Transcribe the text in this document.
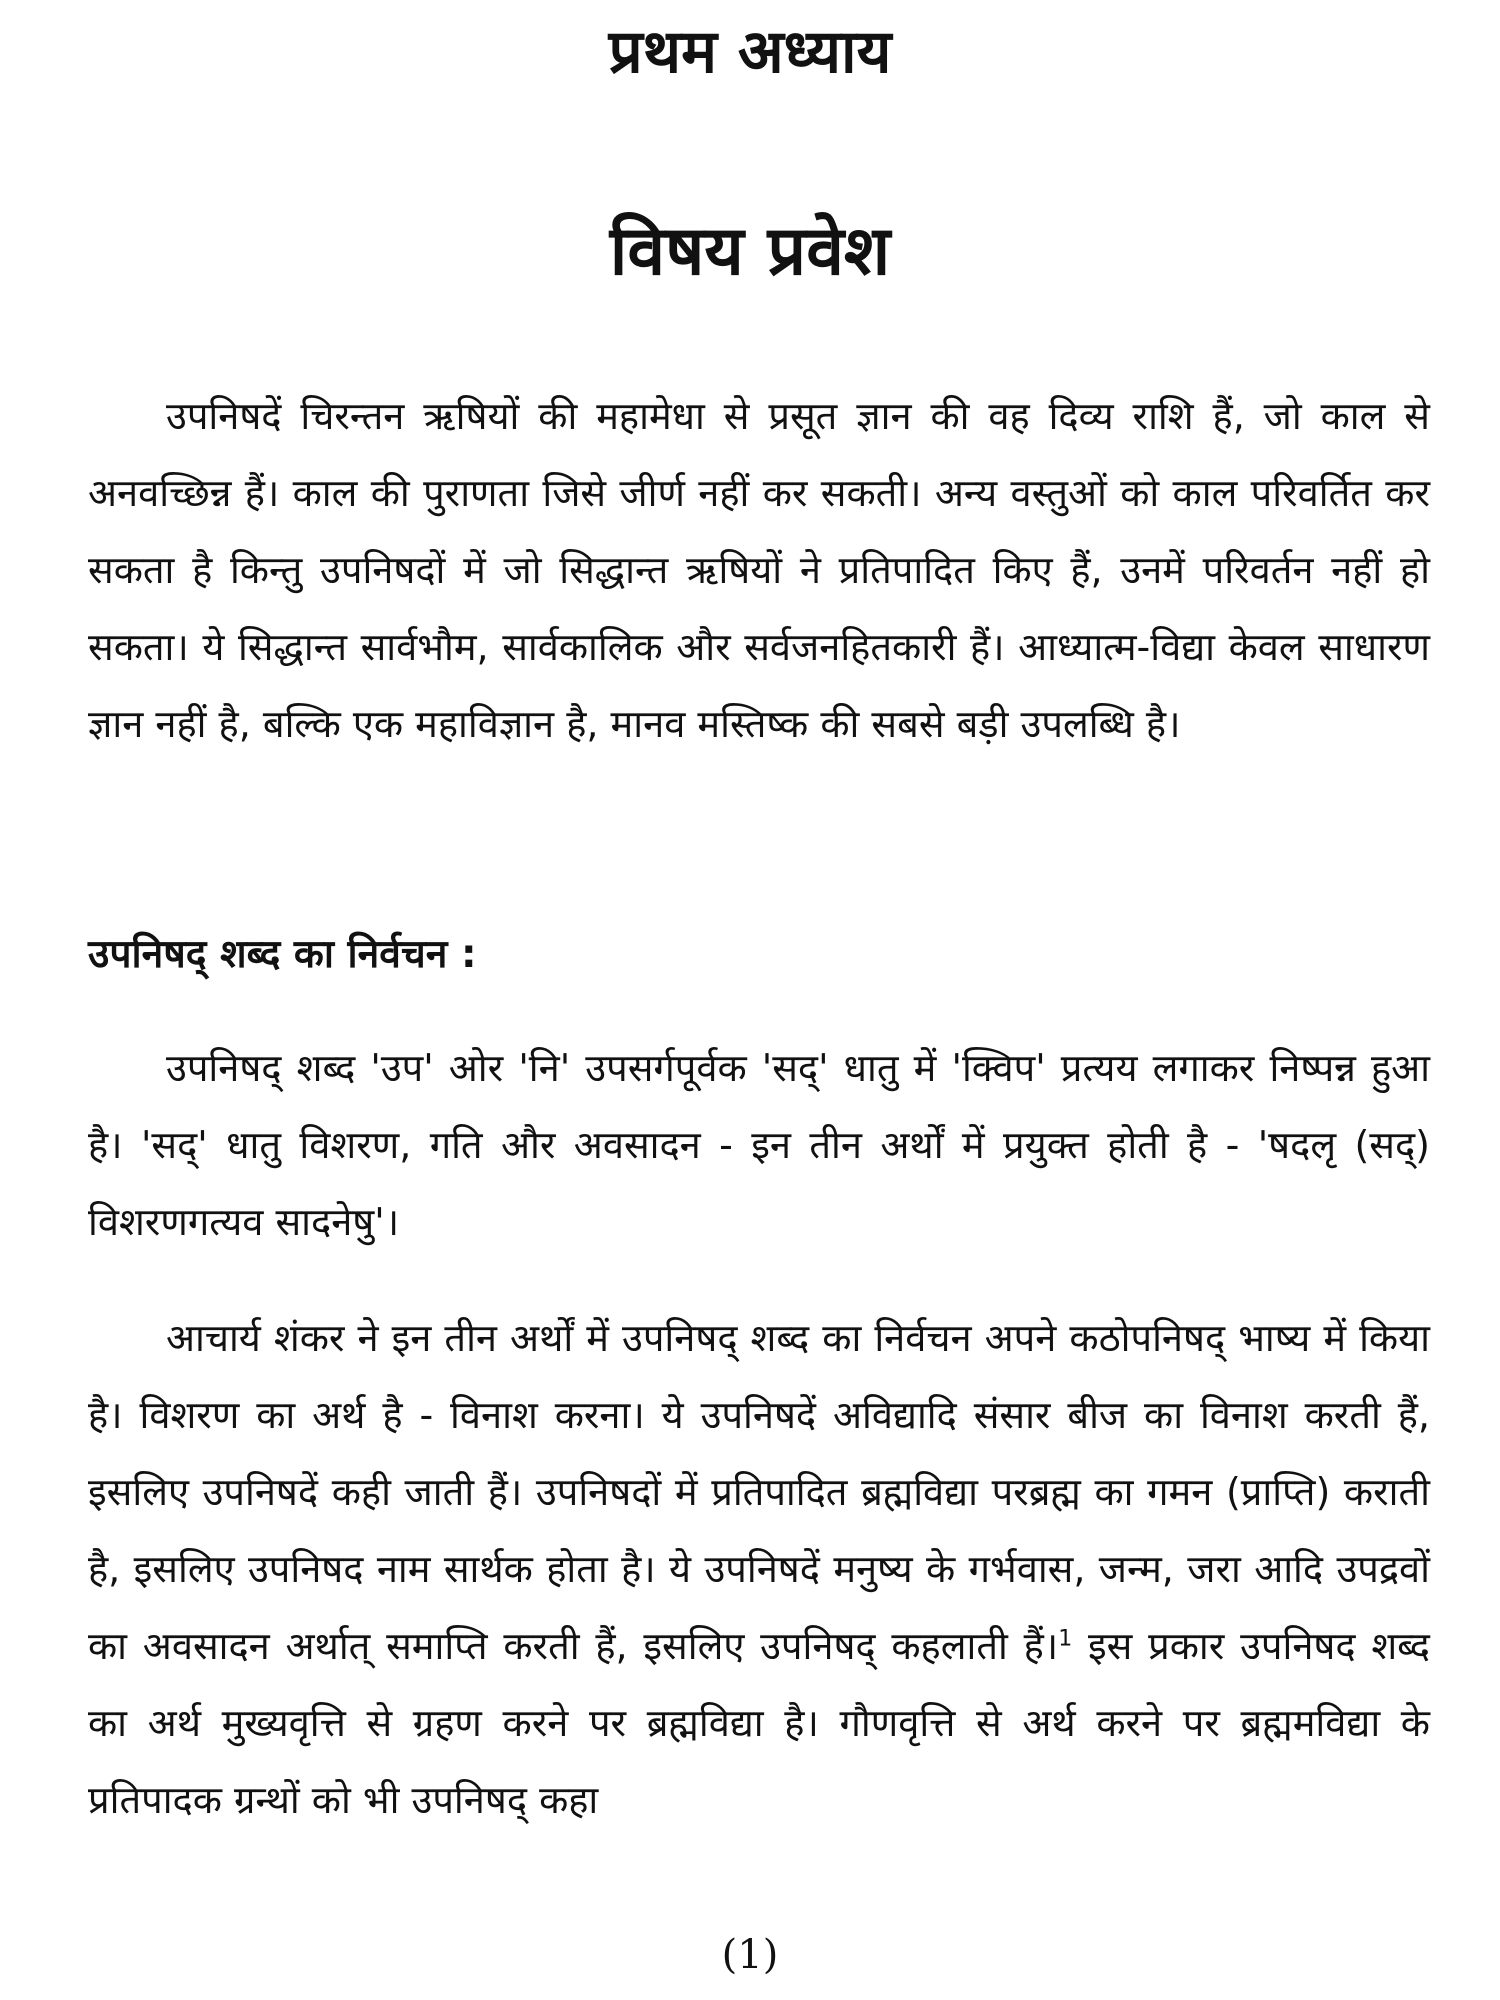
प्रथम अध्याय
विषय प्रवेश

उपनिषदें चिरन्तन ऋषियों की महामेधा से प्रसूत ज्ञान की वह दिव्य राशि हैं, जो काल से अनवच्छिन्न हैं। काल की पुराणता जिसे जीर्ण नहीं कर सकती। अन्य वस्तुओं को काल परिवर्तित कर सकता है किन्तु उपनिषदों में जो सिद्धान्त ऋषियों ने प्रतिपादित किए हैं, उनमें परिवर्तन नहीं हो सकता। ये सिद्धान्त सार्वभौम, सार्वकालिक और सर्वजनहितकारी हैं। आध्यात्म-विद्या केवल साधारण ज्ञान नहीं है, बल्कि एक महाविज्ञान है, मानव मस्तिष्क की सबसे बड़ी उपलब्धि है।

उपनिषद् शब्द का निर्वचन :

उपनिषद् शब्द 'उप' ओर 'नि' उपसर्गपूर्वक 'सद्' धातु में 'क्विप' प्रत्यय लगाकर निष्पन्न हुआ है। 'सद्' धातु विशरण, गति और अवसादन - इन तीन अर्थों में प्रयुक्त होती है - 'षदलृ (सद्) विशरणगत्यव सादनेषु'।

आचार्य शंकर ने इन तीन अर्थों में उपनिषद् शब्द का निर्वचन अपने कठोपनिषद् भाष्य में किया है। विशरण का अर्थ है - विनाश करना। ये उपनिषदें अविद्यादि संसार बीज का विनाश करती हैं, इसलिए उपनिषदें कही जाती हैं। उपनिषदों में प्रतिपादित ब्रह्मविद्या परब्रह्म का गमन (प्राप्ति) कराती है, इसलिए उपनिषद नाम सार्थक होता है। ये उपनिषदें मनुष्य के गर्भवास, जन्म, जरा आदि उपद्रवों का अवसादन अर्थात् समाप्ति करती हैं, इसलिए उपनिषद् कहलाती हैं।$^1$ इस प्रकार उपनिषद शब्द का अर्थ मुख्यवृत्ति से ग्रहण करने पर ब्रह्मविद्या है। गौणवृत्ति से अर्थ करने पर ब्रह्ममविद्या के प्रतिपादक ग्रन्थों को भी उपनिषद् कहा

(1)
